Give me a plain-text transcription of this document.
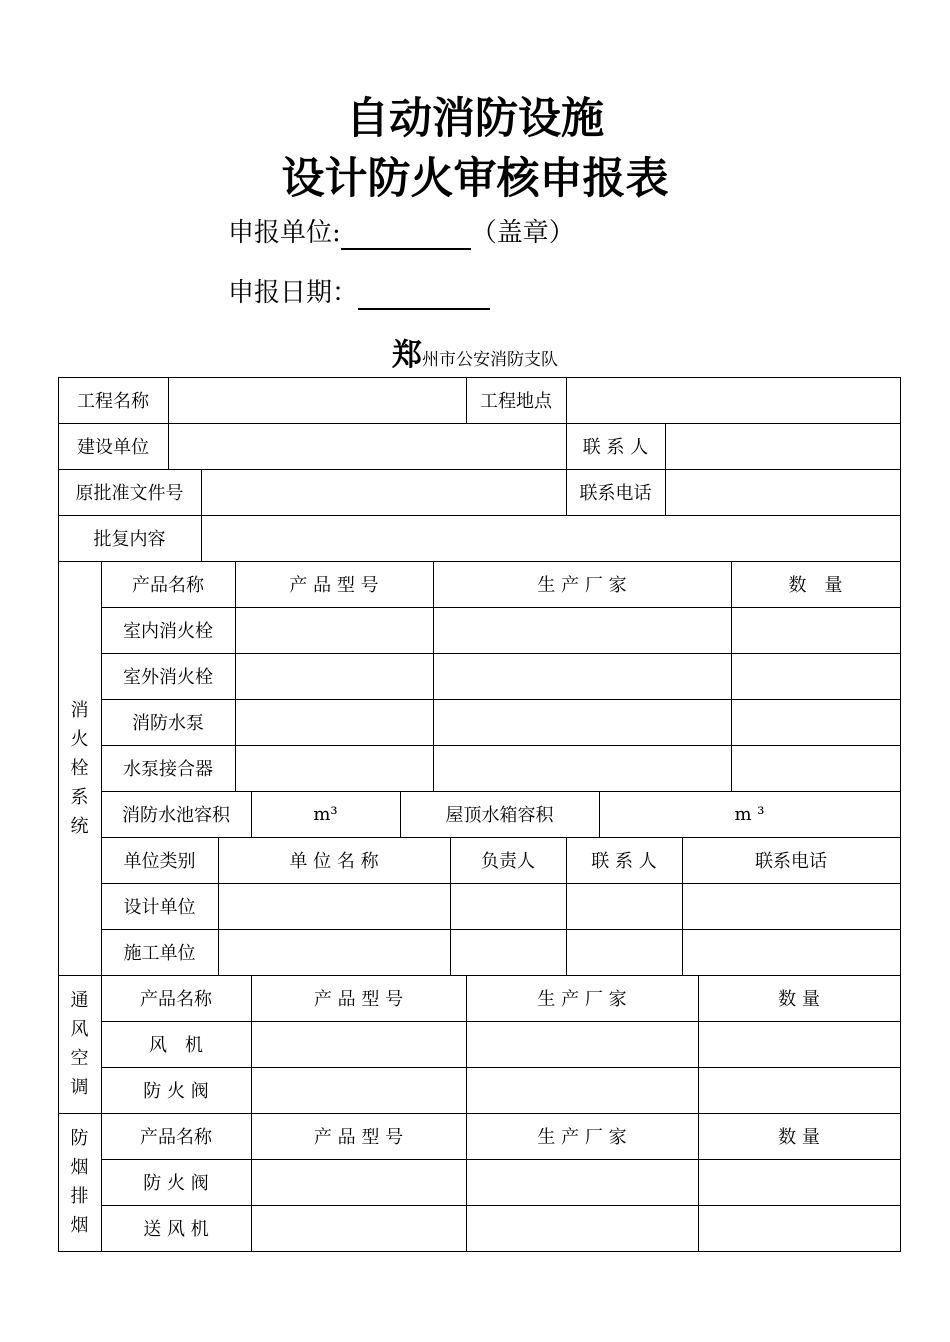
自动消防设施
设计防火审核申报表
申报单位:	（盖章）
申报日期：
郑州市公安消防支队
工程名称	工程地点
建设单位	联 系 人
原批准文件号	联系电话
批复内容
消
火
栓
系
统
产品名称	产 品 型 号	生 产 厂 家	数　量
室内消火栓
室外消火栓
消防水泵
水泵接合器
消防水池容积	m³	屋顶水箱容积	m ³
单位类别	单 位 名 称	负责人	联 系 人	联系电话
设计单位
施工单位
通
风
空
调
产品名称	产 品 型 号	生 产 厂 家	数 量
风　机
防 火 阀
防
烟
排
烟
产品名称	产 品 型 号	生 产 厂 家	数 量
防 火 阀
送 风 机
